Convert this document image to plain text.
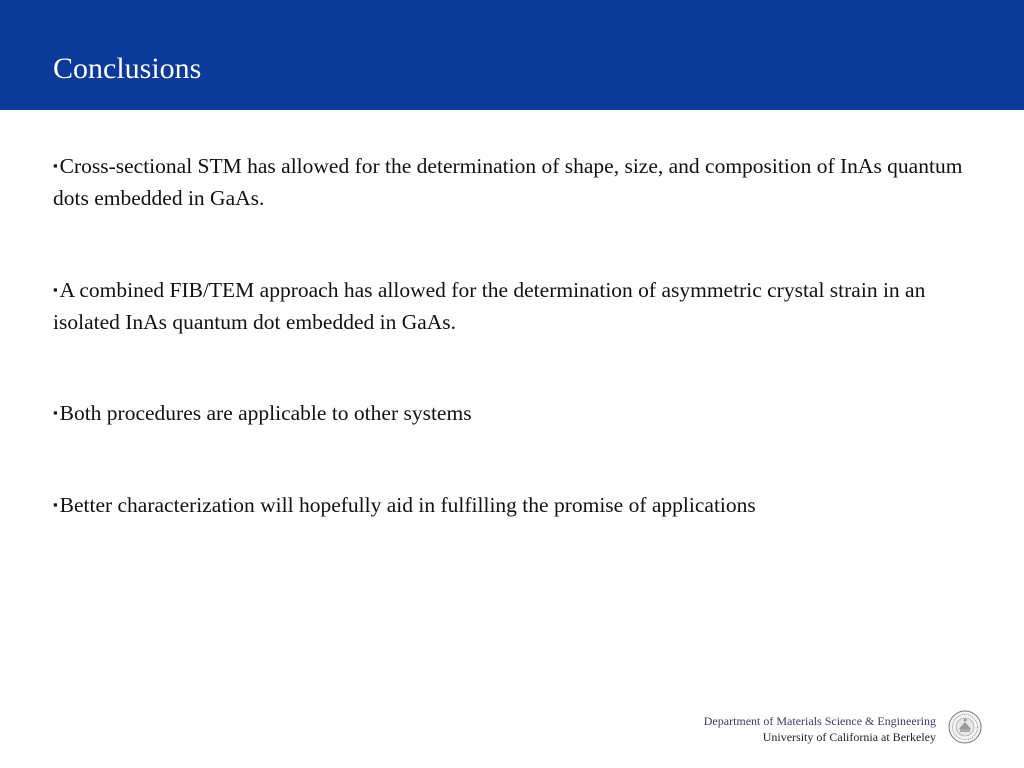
Conclusions
▪Cross-sectional STM has allowed for the determination of shape, size, and composition of InAs quantum dots embedded in GaAs.
▪A combined FIB/TEM approach has allowed for the determination of asymmetric crystal strain in an isolated InAs quantum dot embedded in GaAs.
▪Both procedures are applicable to other systems
▪Better characterization will hopefully aid in fulfilling the promise of applications
Department of Materials Science & Engineering
University of California at Berkeley
